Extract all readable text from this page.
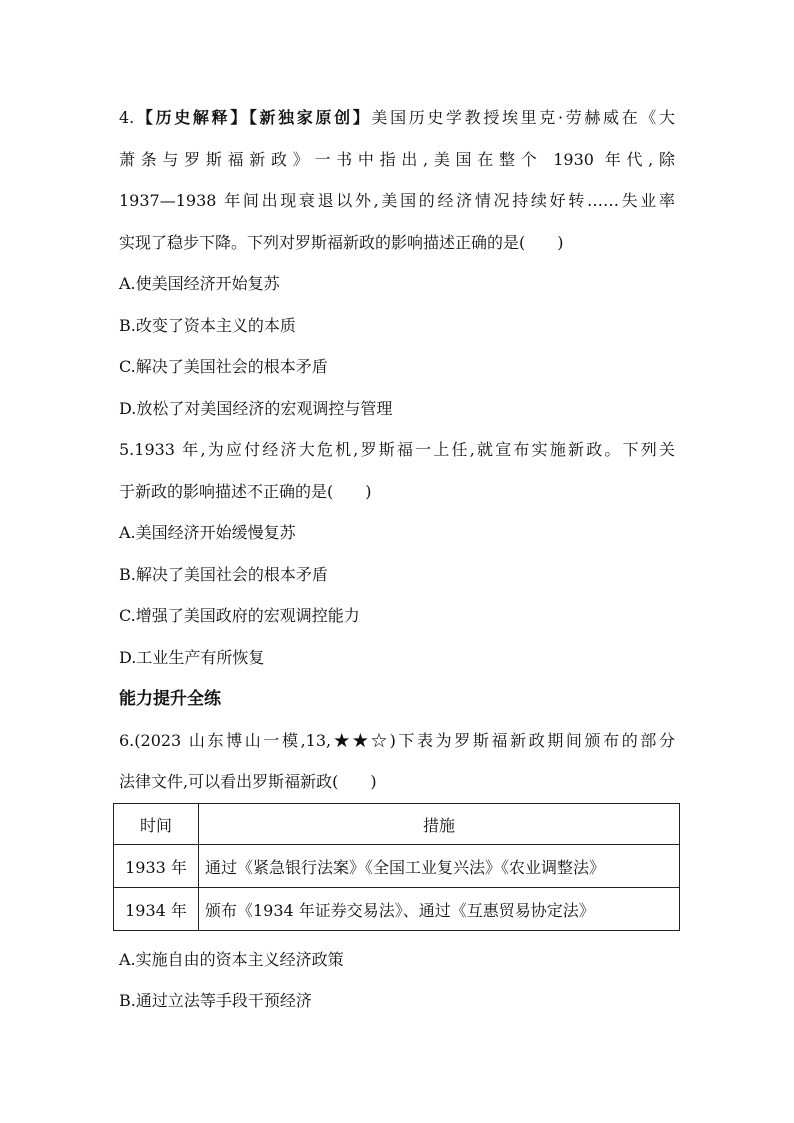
4.【历史解释】【新独家原创】美国历史学教授埃里克·劳赫威在《大
萧条与罗斯福新政》一书中指出,美国在整个 1930 年代,除
1937—1938 年间出现衰退以外,美国的经济情况持续好转……失业率
实现了稳步下降。下列对罗斯福新政的影响描述正确的是(　　)
A.使美国经济开始复苏
B.改变了资本主义的本质
C.解决了美国社会的根本矛盾
D.放松了对美国经济的宏观调控与管理
5.1933 年,为应付经济大危机,罗斯福一上任,就宣布实施新政。下列关
于新政的影响描述不正确的是(　　)
A.美国经济开始缓慢复苏
B.解决了美国社会的根本矛盾
C.增强了美国政府的宏观调控能力
D.工业生产有所恢复
能力提升全练
6.(2023 山东博山一模,13,★★☆)下表为罗斯福新政期间颁布的部分
法律文件,可以看出罗斯福新政(　　)
时间	措施
1933 年	通过《紧急银行法案》《全国工业复兴法》《农业调整法》
1934 年	颁布《1934 年证券交易法》、通过《互惠贸易协定法》
A.实施自由的资本主义经济政策
B.通过立法等手段干预经济
